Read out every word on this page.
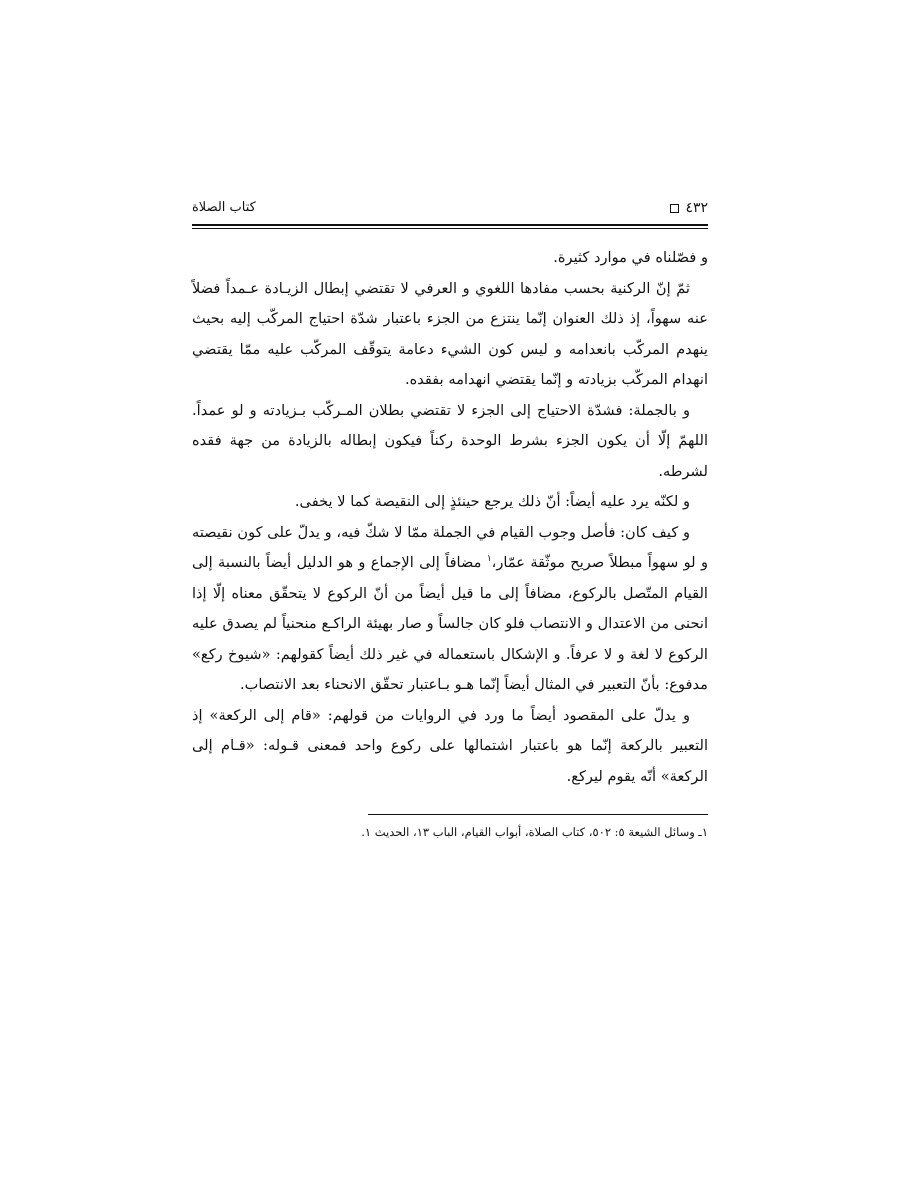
٤٣٢
كتاب الصلاة

و فصّلناه في موارد كثيرة.

ثمّ إنّ الركنية بحسب مفادها اللغوي و العرفي لا تقتضي إبطال الزيـادة عـمداً فضلاً عنه سهواً، إذ ذلك العنوان إنّما ينتزع من الجزء باعتبار شدّة احتياج المركّب إليه بحيث ينهدم المركّب بانعدامه و ليس كون الشيء دعامة يتوقّف المركّب عليه ممّا يقتضي انهدام المركّب بزيادته و إنّما يقتضي انهدامه بفقده.

و بالجملة: فشدّة الاحتياج إلى الجزء لا تقتضي بطلان المـركّب بـزيادته و لو عمداً. اللهمّ إلّا أن يكون الجزء بشرط الوحدة ركناً فيكون إبطاله بالزيادة من جهة فقده لشرطه.

و لكنّه يرد عليه أيضاً: أنّ ذلك يرجع حينئذٍ إلى النقيصة كما لا يخفى.

و كيف كان: فأصل وجوب القيام في الجملة ممّا لا شكّ فيه، و يدلّ على كون نقيصته و لو سهواً مبطلاً صريح موثّقة عمّار،$^١$ مضافاً إلى الإجماع و هو الدليل أيضاً بالنسبة إلى القيام المتّصل بالركوع، مضافاً إلى ما قيل أيضاً من أنّ الركوع لا يتحقّق معناه إلّا إذا انحنى من الاعتدال و الانتصاب فلو كان جالساً و صار بهيئة الراكـع منحنياً لم يصدق عليه الركوع لا لغة و لا عرفاً. و الإشكال باستعماله في غير ذلك أيضاً كقولهم: «شيوخ ركع» مدفوع: بأنّ التعبير في المثال أيضاً إنّما هـو بـاعتبار تحقّق الانحناء بعد الانتصاب.

و يدلّ على المقصود أيضاً ما ورد في الروايات من قولهم: «قام إلى الركعة» إذ التعبير بالركعة إنّما هو باعتبار اشتمالها على ركوع واحد فمعنى قـوله: «قـام إلى الركعة» أنّه يقوم ليركع.

١ـ وسائل الشيعة ٥: ٥٠٢، كتاب الصلاة، أبواب القيام، الباب ١٣، الحديث ١.
